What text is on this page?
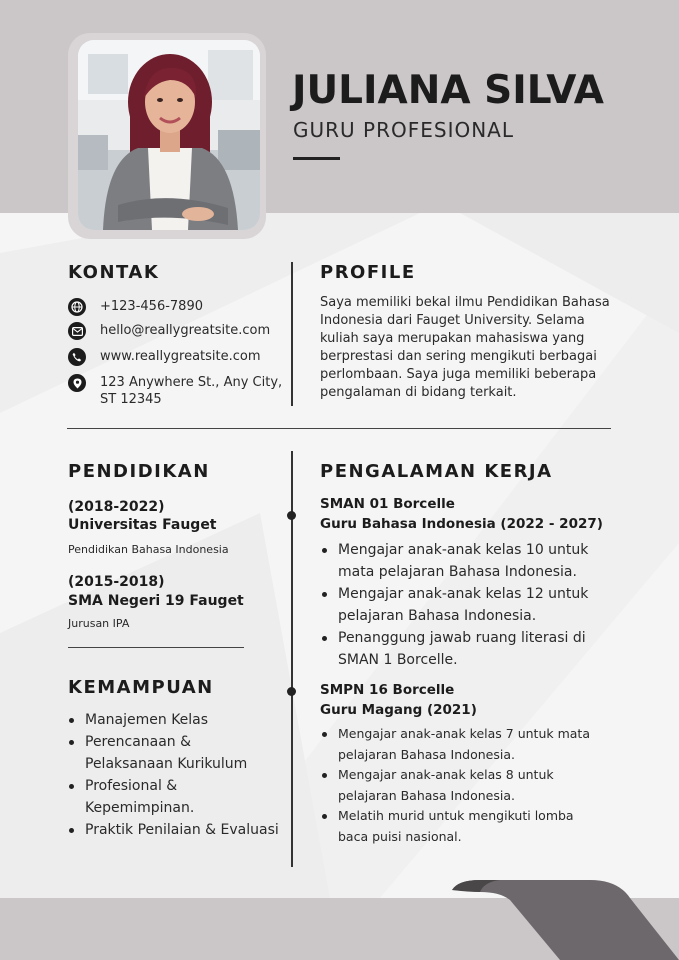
JULIANA SILVA
GURU PROFESIONAL
KONTAK
+123-456-7890
hello@reallygreatsite.com
www.reallygreatsite.com
123 Anywhere St., Any City,
ST 12345
PROFILE
Saya memiliki bekal ilmu Pendidikan Bahasa Indonesia dari Fauget University. Selama kuliah saya merupakan mahasiswa yang berprestasi dan sering mengikuti berbagai perlombaan. Saya juga memiliki beberapa pengalaman di bidang terkait.
PENDIDIKAN
(2018-2022)
Universitas Fauget
Pendidikan Bahasa Indonesia
(2015-2018)
SMA Negeri 19 Fauget
Jurusan IPA
KEMAMPUAN
Manajemen Kelas
Perencanaan & Pelaksanaan Kurikulum
Profesional & Kepemimpinan.
Praktik Penilaian & Evaluasi
PENGALAMAN KERJA
SMAN 01 Borcelle
Guru Bahasa Indonesia (2022 - 2027)
Mengajar anak-anak kelas 10 untuk mata pelajaran Bahasa Indonesia.
Mengajar anak-anak kelas 12 untuk pelajaran Bahasa Indonesia.
Penanggung jawab ruang literasi di SMAN 1 Borcelle.
SMPN 16 Borcelle
Guru Magang (2021)
Mengajar anak-anak kelas 7 untuk mata pelajaran Bahasa Indonesia.
Mengajar anak-anak kelas 8 untuk pelajaran Bahasa Indonesia.
Melatih murid untuk mengikuti lomba baca puisi nasional.
